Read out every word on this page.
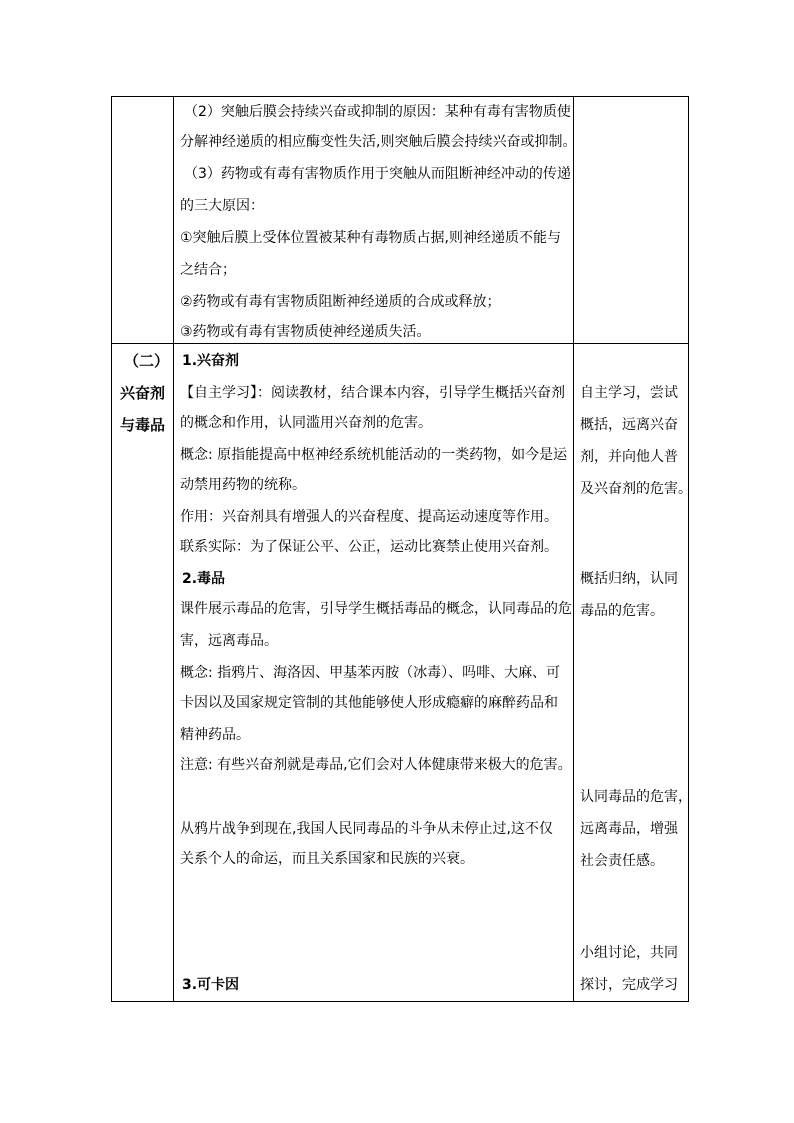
（2）突触后膜会持续兴奋或抑制的原因：某种有毒有害物质使
分解神经递质的相应酶变性失活,则突触后膜会持续兴奋或抑制。
（3）药物或有毒有害物质作用于突触从而阻断神经冲动的传递
的三大原因：
①突触后膜上受体位置被某种有毒物质占据,则神经递质不能与
之结合；
②药物或有毒有害物质阻断神经递质的合成或释放；
③药物或有毒有害物质使神经递质失活。
（二）
兴奋剂
与毒品
1.兴奋剂
【自主学习】：阅读教材，结合课本内容，引导学生概括兴奋剂
的概念和作用，认同滥用兴奋剂的危害。
概念: 原指能提高中枢神经系统机能活动的一类药物，如今是运
动禁用药物的统称。
作用：兴奋剂具有增强人的兴奋程度、提高运动速度等作用。
联系实际：为了保证公平、公正，运动比赛禁止使用兴奋剂。
2.毒品
课件展示毒品的危害，引导学生概括毒品的概念，认同毒品的危
害，远离毒品。
概念: 指鸦片、海洛因、甲基苯丙胺（冰毒）、吗啡、大麻、可
卡因以及国家规定管制的其他能够使人形成瘾癖的麻醉药品和
精神药品。
注意: 有些兴奋剂就是毒品,它们会对人体健康带来极大的危害。
从鸦片战争到现在,我国人民同毒品的斗争从未停止过,这不仅
关系个人的命运，而且关系国家和民族的兴衰。
3.可卡因
自主学习，尝试
概括，远离兴奋
剂，并向他人普
及兴奋剂的危害。
概括归纳，认同
毒品的危害。
认同毒品的危害，
远离毒品，增强
社会责任感。
小组讨论，共同
探讨，完成学习
